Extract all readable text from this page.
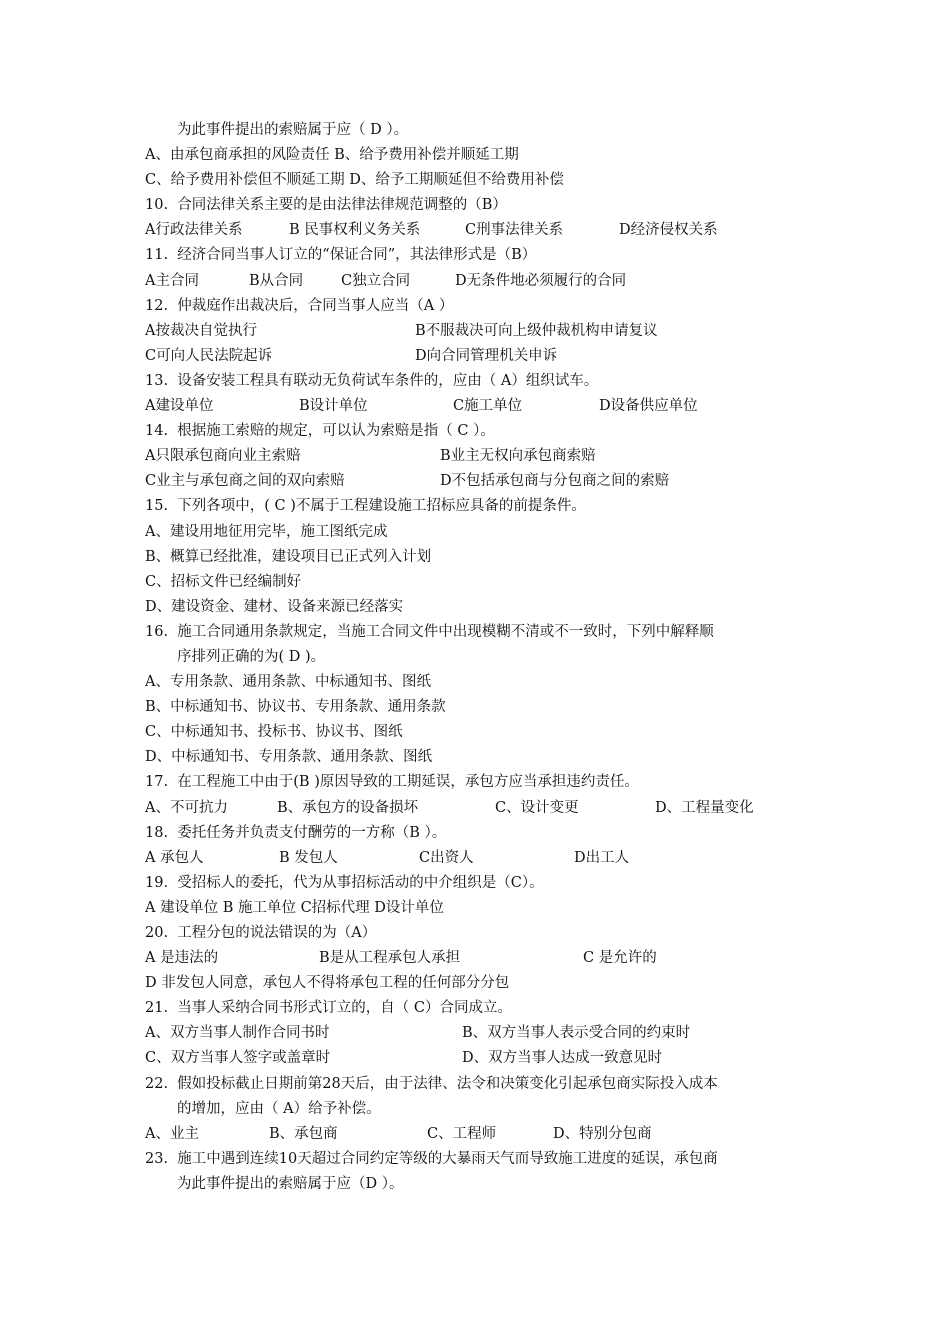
为此事件提出的索赔属于应（ D ）。
A、由承包商承担的风险责任 B、给予费用补偿并顺延工期
C、给予费用补偿但不顺延工期 D、给予工期顺延但不给费用补偿
10.  合同法律关系主要的是由法律法律规范调整的（B）
A行政法律关系	B 民事权利义务关系	C刑事法律关系	D经济侵权关系
11.  经济合同当事人订立的“保证合同”，其法律形式是（B）
A主合同	B从合同	C独立合同	D无条件地必须履行的合同
12.  仲裁庭作出裁决后，合同当事人应当（A ）
A按裁决自觉执行	B不服裁决可向上级仲裁机构申请复议
C可向人民法院起诉	D向合同管理机关申诉
13.  设备安装工程具有联动无负荷试车条件的，应由（ A）组织试车。
A建设单位	B设计单位	C施工单位	D设备供应单位
14.  根据施工索赔的规定，可以认为索赔是指（ C ）。
A只限承包商向业主索赔	B业主无权向承包商索赔
C业主与承包商之间的双向索赔	D不包括承包商与分包商之间的索赔
15.  下列各项中，( C )不属于工程建设施工招标应具备的前提条件。
A、建设用地征用完毕，施工图纸完成
B、概算已经批准，建设项目已正式列入计划
C、招标文件已经编制好
D、建设资金、建材、设备来源已经落实
16.  施工合同通用条款规定，当施工合同文件中出现模糊不清或不一致时，下列中解释顺
序排列正确的为( D )。
A、专用条款、通用条款、中标通知书、图纸
B、中标通知书、协议书、专用条款、通用条款
C、中标通知书、投标书、协议书、图纸
D、中标通知书、专用条款、通用条款、图纸
17.  在工程施工中由于(B )原因导致的工期延误，承包方应当承担违约责任。
A、不可抗力	B、承包方的设备损坏	C、设计变更	D、工程量变化
18.  委托任务并负责支付酬劳的一方称（B ）。
A 承包人	B 发包人	C出资人	D出工人
19.  受招标人的委托，代为从事招标活动的中介组织是（C）。
A 建设单位 B 施工单位 C招标代理 D设计单位
20.  工程分包的说法错误的为（A）
A 是违法的	B是从工程承包人承担	C 是允许的
D 非发包人同意，承包人不得将承包工程的任何部分分包
21.  当事人采纳合同书形式订立的，自（ C）合同成立。
A、双方当事人制作合同书时	B、双方当事人表示受合同的约束时
C、双方当事人签字或盖章时	D、双方当事人达成一致意见时
22.  假如投标截止日期前第28天后，由于法律、法令和决策变化引起承包商实际投入成本
的增加，应由（ A）给予补偿。
A、业主	B、承包商	C、工程师	D、特别分包商
23.  施工中遇到连续10天超过合同约定等级的大暴雨天气而导致施工进度的延误，承包商
为此事件提出的索赔属于应（D ）。
